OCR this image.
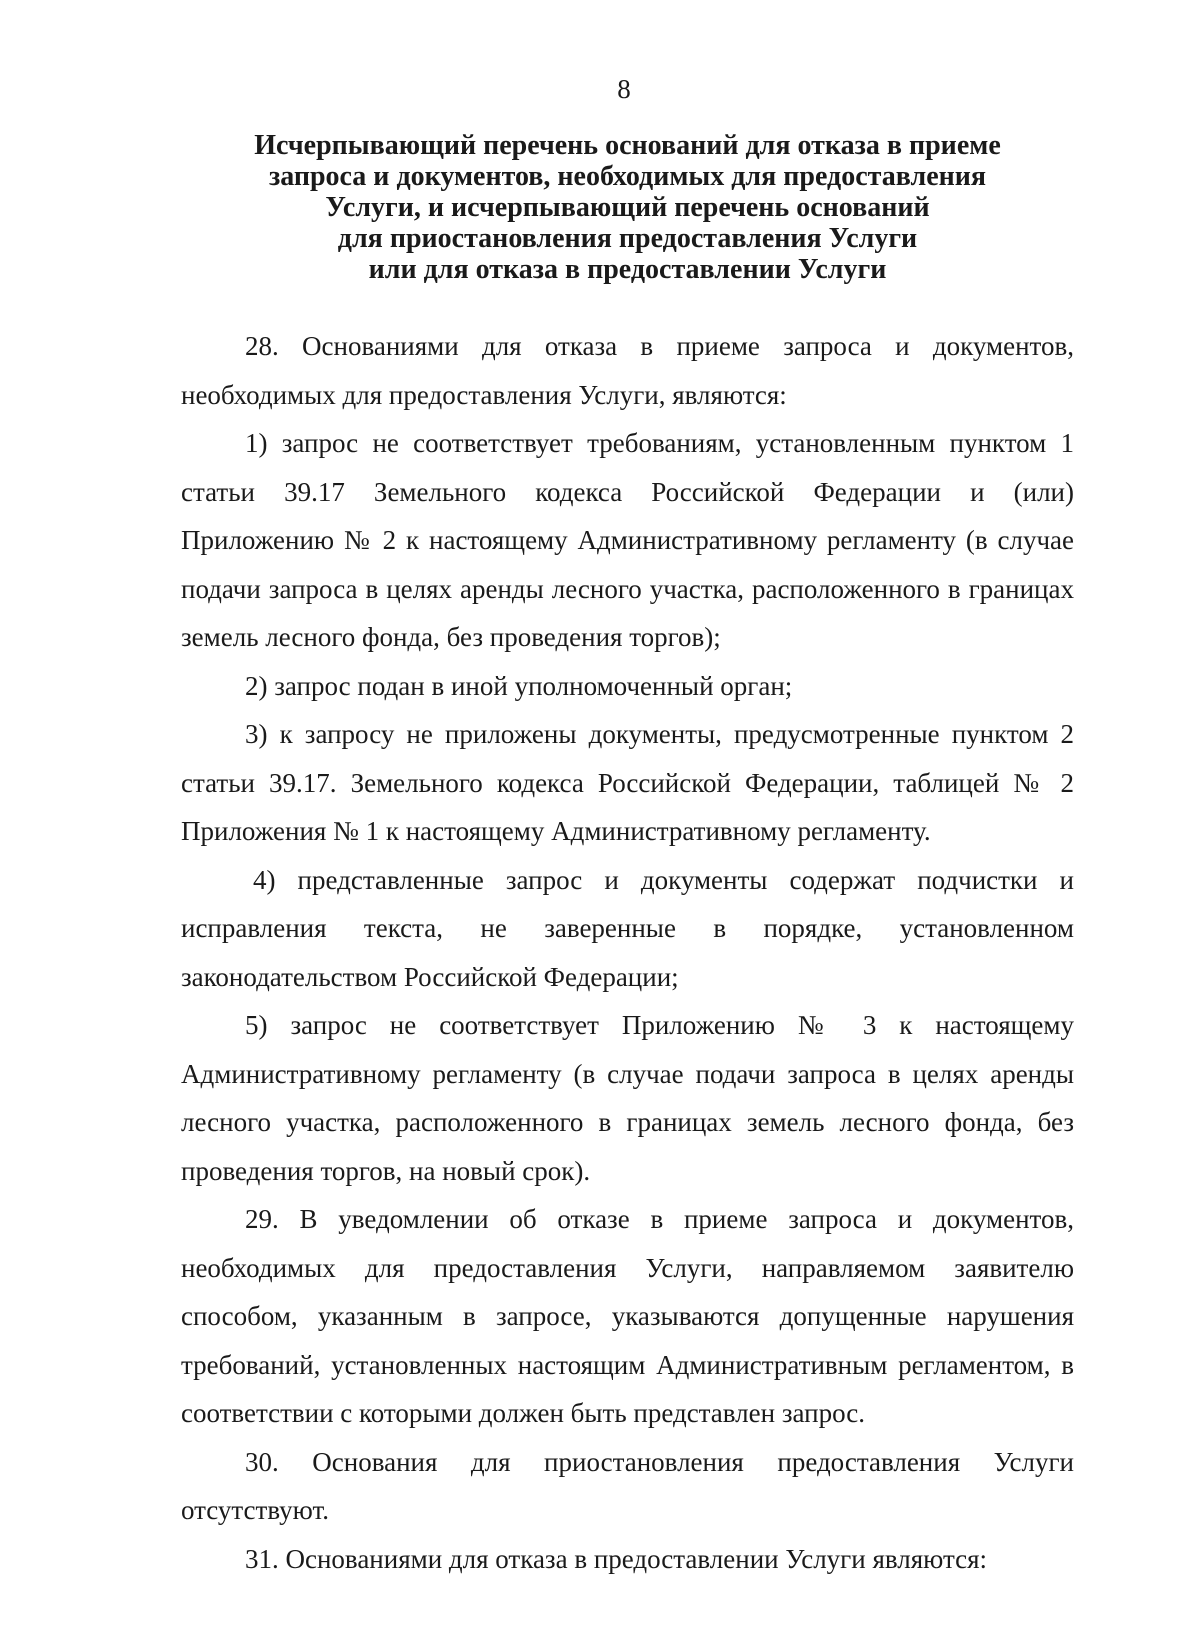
8
Исчерпывающий перечень оснований для отказа в приеме
запроса и документов, необходимых для предоставления
Услуги, и исчерпывающий перечень оснований
для приостановления предоставления Услуги
или для отказа в предоставлении Услуги

28. Основаниями для отказа в приеме запроса и документов, необходимых для предоставления Услуги, являются:

1) запрос не соответствует требованиям, установленным пунктом 1 статьи 39.17 Земельного кодекса Российской Федерации и (или) Приложению № 2 к настоящему Административному регламенту (в случае подачи запроса в целях аренды лесного участка, расположенного в границах земель лесного фонда, без проведения торгов);

2) запрос подан в иной уполномоченный орган;

3) к запросу не приложены документы, предусмотренные пунктом 2 статьи 39.17. Земельного кодекса Российской Федерации, таблицей № 2 Приложения № 1 к настоящему Административному регламенту.

4) представленные запрос и документы содержат подчистки и исправления текста, не заверенные в порядке, установленном законодательством Российской Федерации;

5) запрос не соответствует Приложению № 3 к настоящему Административному регламенту (в случае подачи запроса в целях аренды лесного участка, расположенного в границах земель лесного фонда, без проведения торгов, на новый срок).

29. В уведомлении об отказе в приеме запроса и документов, необходимых для предоставления Услуги, направляемом заявителю способом, указанным в запросе, указываются допущенные нарушения требований, установленных настоящим Административным регламентом, в соответствии с которыми должен быть представлен запрос.

30. Основания для приостановления предоставления Услуги отсутствуют.

31. Основаниями для отказа в предоставлении Услуги являются:
